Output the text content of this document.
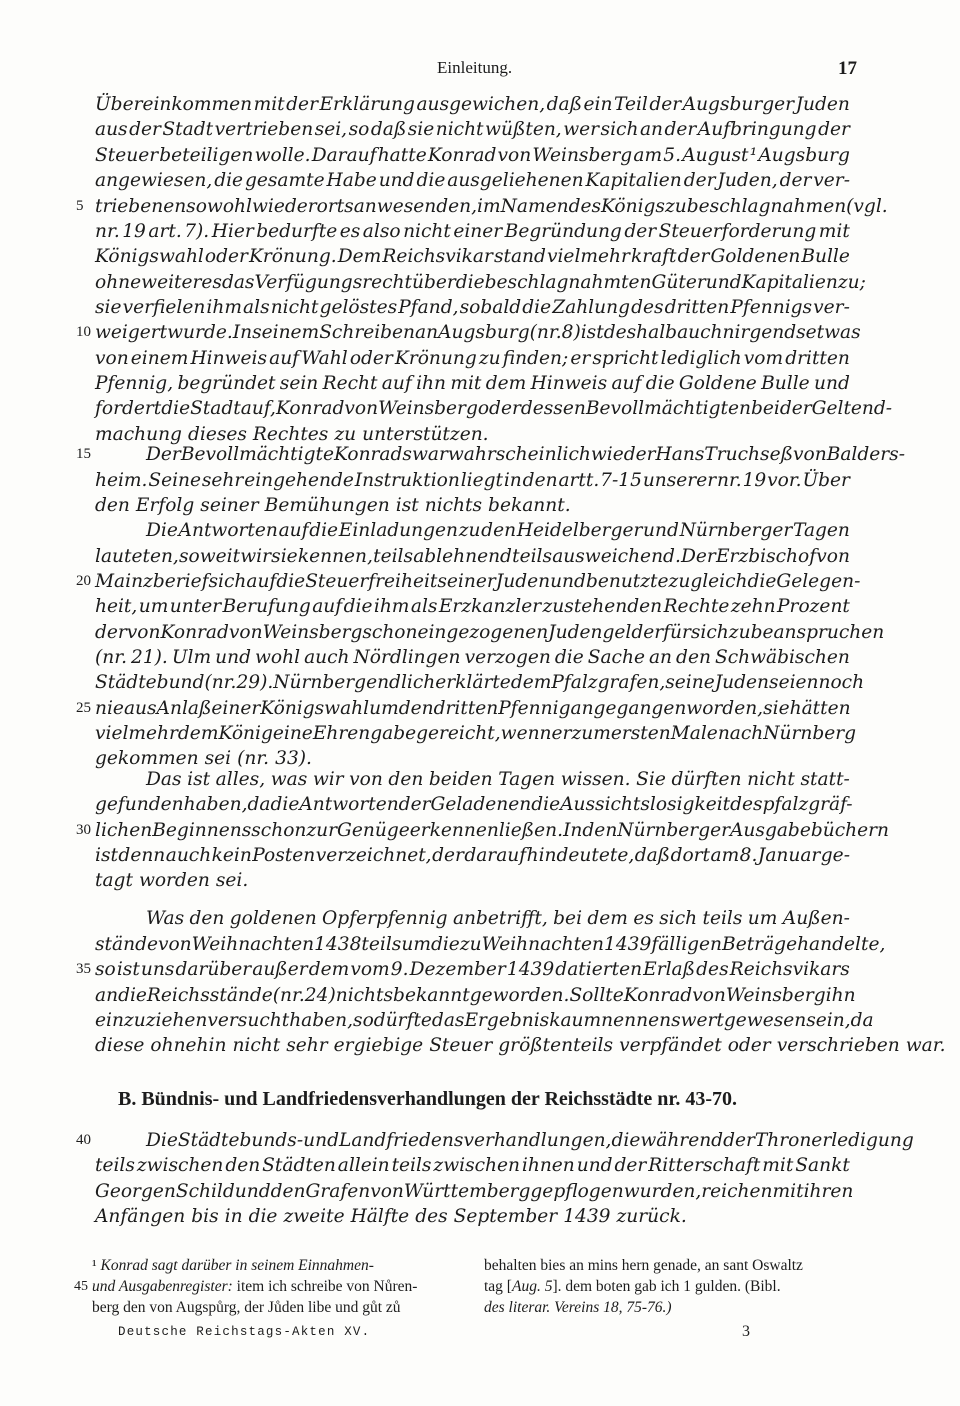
Einleitung.	17
Übereinkommen mit der Erklärung ausgewichen, daß ein Teil der Augsburger Juden
aus der Stadt vertrieben sei, so daß sie nicht wüßten, wer sich an der Aufbringung der
Steuer beteiligen wolle. Darauf hatte Konrad von Weinsberg am 5. August ¹ Augsburg
angewiesen, die gesamte Habe und die ausgeliehenen Kapitalien der Juden, der ver-
triebenen sowohl wie der ortsanwesenden, im Namen des Königs zu beschlagnahmen (vgl.
nr. 19 art. 7). Hier bedurfte es also nicht einer Begründung der Steuerforderung mit
Königswahl oder Krönung. Dem Reichsvikar stand vielmehr kraft der Goldenen Bulle
ohne weiteres das Verfügungsrecht über die beschlagnahmten Güter und Kapitalien zu;
sie verfielen ihm als nicht gelöstes Pfand, sobald die Zahlung des dritten Pfennigs ver-
weigert wurde. In seinem Schreiben an Augsburg (nr. 8) ist deshalb auch nirgends etwas
von einem Hinweis auf Wahl oder Krönung zu finden; er spricht lediglich vom dritten
Pfennig, begründet sein Recht auf ihn mit dem Hinweis auf die Goldene Bulle und
fordert die Stadt auf, Konrad von Weinsberg oder dessen Bevollmächtigten bei der Geltend-
machung dieses Rechtes zu unterstützen.
Der Bevollmächtigte Konrads war wahrscheinlich wieder Hans Truchseß von Balders-
heim. Seine sehr eingehende Instruktion liegt in den artt. 7-15 unserer nr. 19 vor. Über
den Erfolg seiner Bemühungen ist nichts bekannt.
Die Antworten auf die Einladungen zu den Heidelberger und Nürnberger Tagen
lauteten, soweit wir sie kennen, teils ablehnend teils ausweichend. Der Erzbischof von
Mainz berief sich auf die Steuerfreiheit seiner Juden und benutzte zugleich die Gelegen-
heit, um unter Berufung auf die ihm als Erzkanzler zustehenden Rechte zehn Prozent
der von Konrad von Weinsberg schon eingezogenen Judengelder für sich zu beanspruchen
(nr. 21). Ulm und wohl auch Nördlingen verzogen die Sache an den Schwäbischen
Städtebund (nr. 29). Nürnberg endlich erklärte dem Pfalzgrafen, seine Juden seien noch
nie aus Anlaß einer Königswahl um den dritten Pfennig angegangen worden, sie hätten
vielmehr dem König eine Ehrengabe gereicht, wenn er zum ersten Male nach Nürnberg
gekommen sei (nr. 33).
Das ist alles, was wir von den beiden Tagen wissen. Sie dürften nicht statt-
gefunden haben, da die Antworten der Geladenen die Aussichtslosigkeit des pfalzgräf-
lichen Beginnens schon zur Genüge erkennen ließen. In den Nürnberger Ausgabebüchern
ist denn auch kein Posten verzeichnet, der darauf hindeutete, daß dort am 8. Januar ge-
tagt worden sei.
Was den goldenen Opferpfennig anbetrifft, bei dem es sich teils um Außen-
stände von Weihnachten 1438 teils um die zu Weihnachten 1439 fälligen Beträge handelte,
so ist uns darüber außer dem vom 9. Dezember 1439 datierten Erlaß des Reichsvikars
an die Reichsstände (nr. 24) nichts bekannt geworden. Sollte Konrad von Weinsberg ihn
einzuziehen versucht haben, so dürfte das Ergebnis kaum nennenswert gewesen sein, da
diese ohnehin nicht sehr ergiebige Steuer größtenteils verpfändet oder verschrieben war.
Die Städtebunds- und Landfriedensverhandlungen, die während der Thronerledigung
teils zwischen den Städten allein teils zwischen ihnen und der Ritterschaft mit Sankt
Georgen Schild und den Grafen von Württemberg gepflogen wurden, reichen mit ihren
Anfängen bis in die zweite Hälfte des September 1439 zurück.
5
10
15
20
25
30
35
40
45
B. Bündnis- und Landfriedensverhandlungen der Reichsstädte nr. 43-70.
¹ Konrad sagt darüber in seinem Einnahmen-
und Ausgabenregister: item ich schreibe von Nůren-
berg den von Augspůrg, der Jůden libe und gůt zů
behalten bies an mins hern genade, an sant Oswaltz
tag [Aug. 5]. dem boten gab ich 1 gulden. (Bibl.
des literar. Vereins 18, 75-76.)
Deutsche Reichstags-Akten XV.	3
